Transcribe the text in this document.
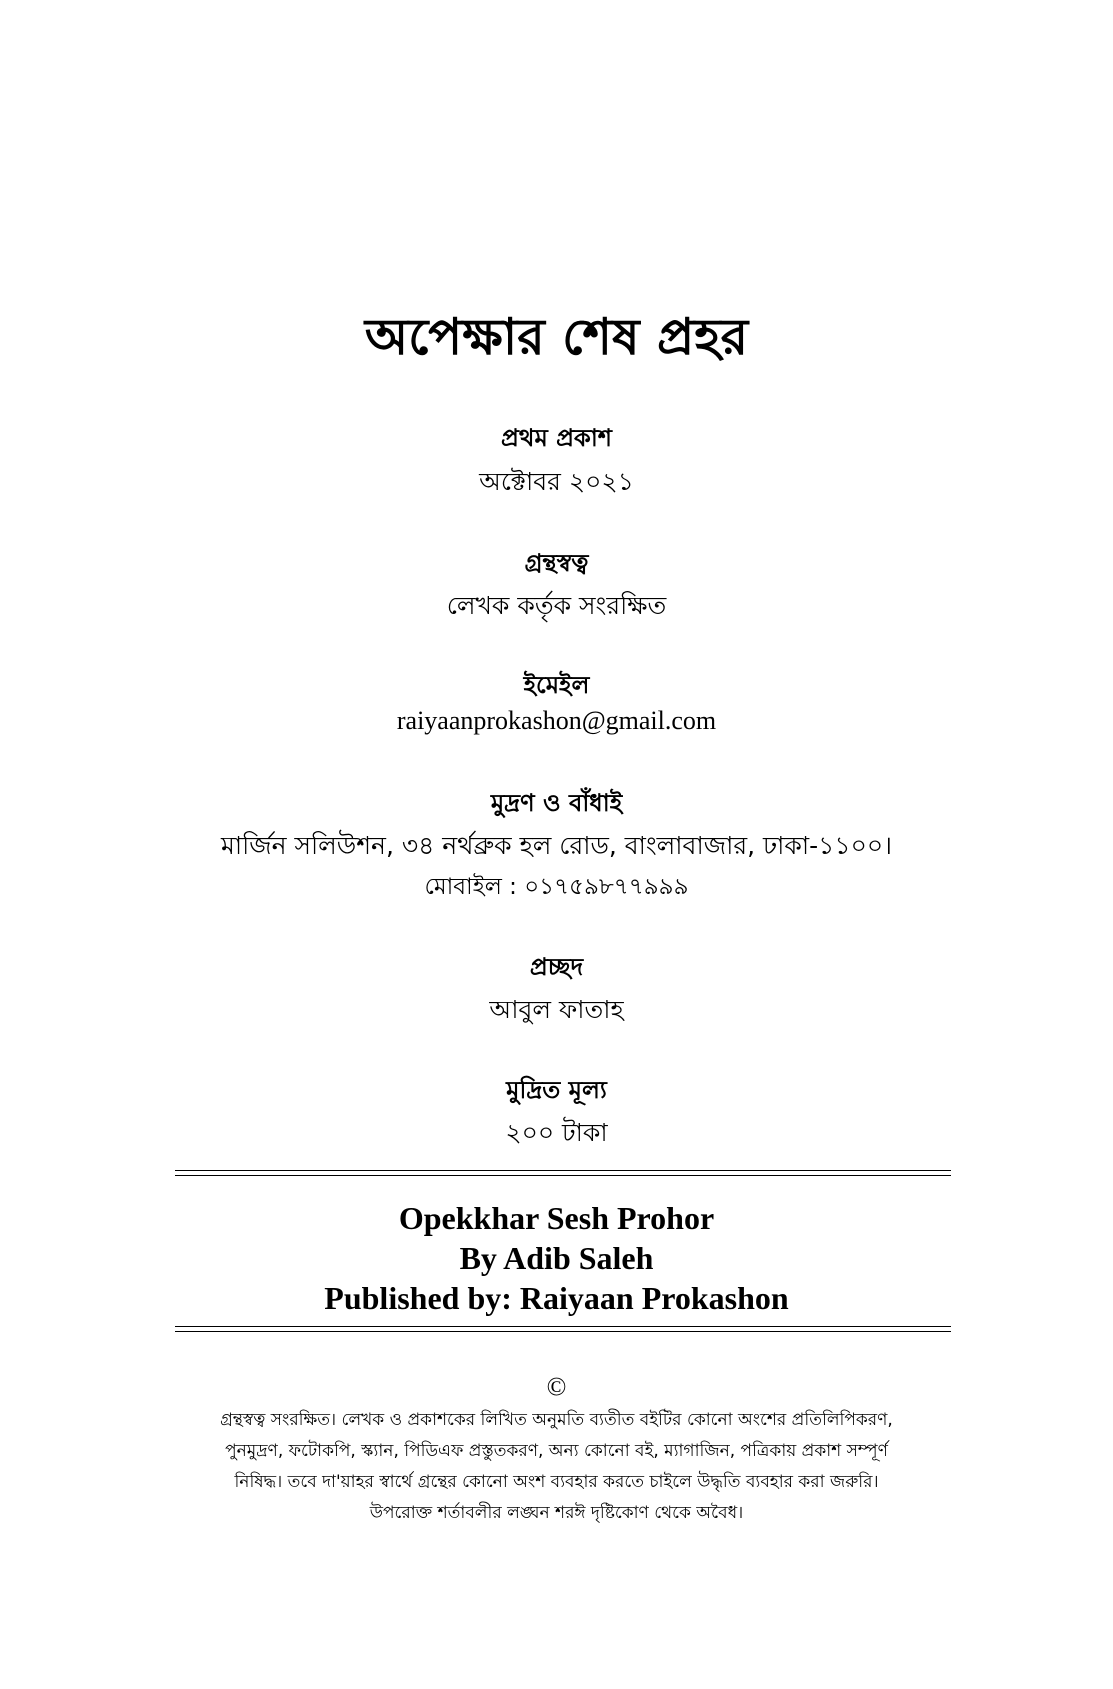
অপেক্ষার শেষ প্রহর
প্রথম প্রকাশ
অক্টোবর ২০২১
গ্রন্থস্বত্ব
লেখক কর্তৃক সংরক্ষিত
ইমেইল
raiyaanprokashon@gmail.com
মুদ্রণ ও বাঁধাই
মার্জিন সলিউশন, ৩৪ নর্থব্রুক হল রোড, বাংলাবাজার, ঢাকা-১১০০।
মোবাইল : ০১৭৫৯৮৭৭৯৯৯
প্রচ্ছদ
আবুল ফাতাহ
মুদ্রিত মূল্য
২০০ টাকা
Opekkhar Sesh Prohor
By Adib Saleh
Published by: Raiyaan Prokashon
©
গ্রন্থস্বত্ব সংরক্ষিত। লেখক ও প্রকাশকের লিখিত অনুমতি ব্যতীত বইটির কোনো অংশের প্রতিলিপিকরণ,
পুনমুদ্রণ, ফটোকপি, স্ক্যান, পিডিএফ প্রস্তুতকরণ, অন্য কোনো বই, ম্যাগাজিন, পত্রিকায় প্রকাশ সম্পূর্ণ
নিষিদ্ধ। তবে দা'য়াহর স্বার্থে গ্রন্থের কোনো অংশ ব্যবহার করতে চাইলে উদ্ধৃতি ব্যবহার করা জরুরি।
উপরোক্ত শর্তাবলীর লঙ্ঘন শরঈ দৃষ্টিকোণ থেকে অবৈধ।
